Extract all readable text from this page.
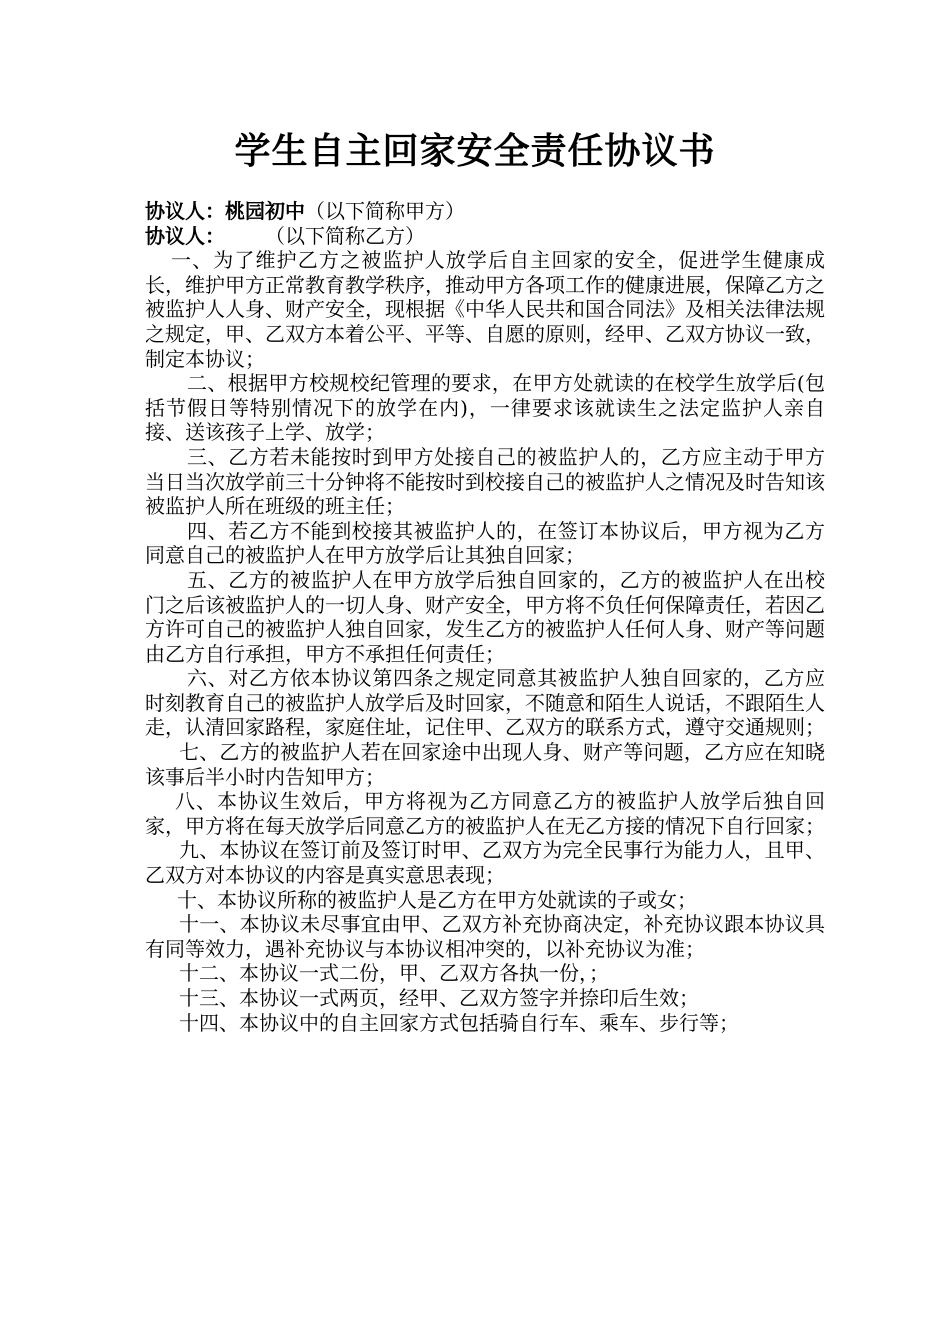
学生自主回家安全责任协议书

协议人：桃园初中（以下简称甲方）

协议人：　　　	（以下简称乙方）

一、为了维护乙方之被监护人放学后自主回家的安全，促进学生健康成长，维护甲方正常教育教学秩序，推动甲方各项工作的健康进展，保障乙方之被监护人人身、财产安全，现根据《中华人民共和国合同法》及相关法律法规之规定，甲、乙双方本着公平、平等、自愿的原则，经甲、乙双方协议一致，制定本协议；

二、根据甲方校规校纪管理的要求，在甲方处就读的在校学生放学后(包括节假日等特别情况下的放学在内)，一律要求该就读生之法定监护人亲自接、送该孩子上学、放学；

三、乙方若未能按时到甲方处接自己的被监护人的，乙方应主动于甲方当日当次放学前三十分钟将不能按时到校接自己的被监护人之情况及时告知该被监护人所在班级的班主任；

四、若乙方不能到校接其被监护人的，在签订本协议后，甲方视为乙方同意自己的被监护人在甲方放学后让其独自回家；

五、乙方的被监护人在甲方放学后独自回家的，乙方的被监护人在出校门之后该被监护人的一切人身、财产安全，甲方将不负任何保障责任，若因乙方许可自己的被监护人独自回家，发生乙方的被监护人任何人身、财产等问题由乙方自行承担，甲方不承担任何责任；

六、对乙方依本协议第四条之规定同意其被监护人独自回家的，乙方应时刻教育自己的被监护人放学后及时回家，不随意和陌生人说话，不跟陌生人走，认清回家路程，家庭住址，记住甲、乙双方的联系方式，遵守交通规则；

七、乙方的被监护人若在回家途中出现人身、财产等问题，乙方应在知晓该事后半小时内告知甲方；

八、本协议生效后，甲方将视为乙方同意乙方的被监护人放学后独自回家，甲方将在每天放学后同意乙方的被监护人在无乙方接的情况下自行回家；

九、本协议在签订前及签订时甲、乙双方为完全民事行为能力人，且甲、乙双方对本协议的内容是真实意思表现；

十、本协议所称的被监护人是乙方在甲方处就读的子或女；

十一、本协议未尽事宜由甲、乙双方补充协商决定，补充协议跟本协议具有同等效力，遇补充协议与本协议相冲突的，以补充协议为准；

十二、本协议一式二份，甲、乙双方各执一份，；

十三、本协议一式两页，经甲、乙双方签字并捺印后生效；

十四、本协议中的自主回家方式包括骑自行车、乘车、步行等；
